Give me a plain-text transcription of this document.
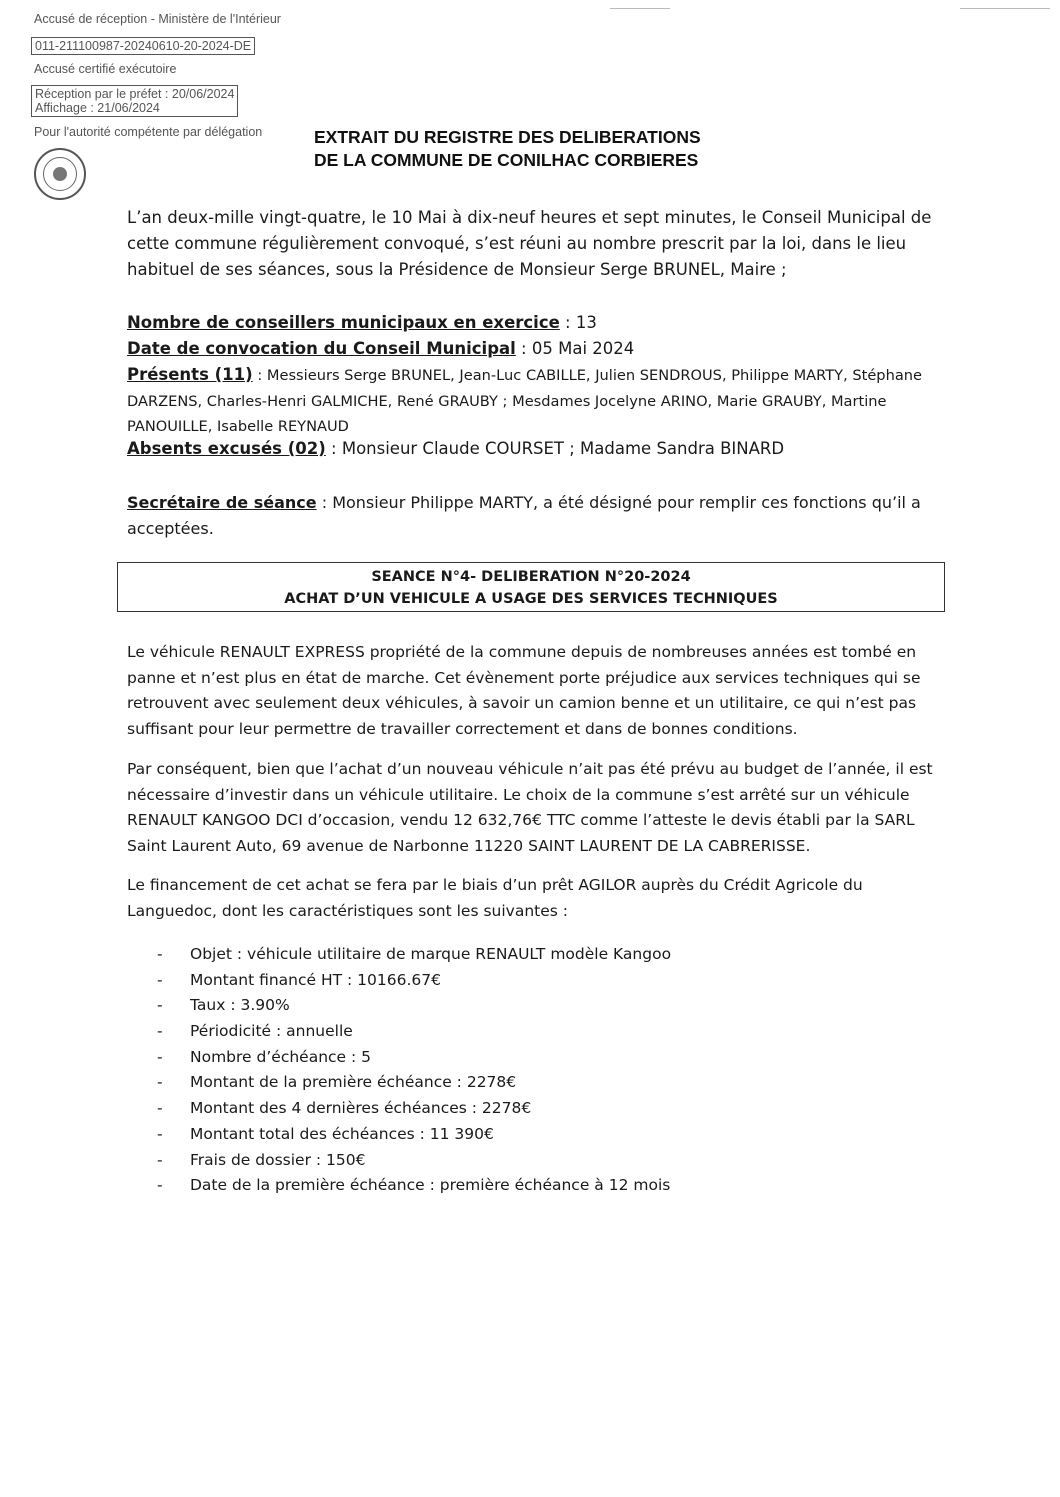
Accusé de réception - Ministère de l'Intérieur
011-211100987-20240610-20-2024-DE
Accusé certifié exécutoire
Réception par le préfet : 20/06/2024
Affichage : 21/06/2024
Pour l'autorité compétente par délégation	EXTRAIT DU REGISTRE DES DELIBERATIONS
DE LA COMMUNE DE CONILHAC CORBIERES
L’an deux-mille vingt-quatre, le 10 Mai à dix-neuf heures et sept minutes, le Conseil Municipal de cette commune régulièrement convoqué, s’est réuni au nombre prescrit par la loi, dans le lieu habituel de ses séances, sous la Présidence de Monsieur Serge BRUNEL, Maire ;
Nombre de conseillers municipaux en exercice : 13
Date de convocation du Conseil Municipal : 05 Mai 2024
Présents (11) : Messieurs Serge BRUNEL, Jean-Luc CABILLE, Julien SENDROUS, Philippe MARTY, Stéphane DARZENS, Charles-Henri GALMICHE, René GRAUBY ; Mesdames Jocelyne ARINO, Marie GRAUBY, Martine PANOUILLE, Isabelle REYNAUD
Absents excusés (02) : Monsieur Claude COURSET ; Madame Sandra BINARD
Secrétaire de séance : Monsieur Philippe MARTY, a été désigné pour remplir ces fonctions qu’il a acceptées.
SEANCE N°4- DELIBERATION N°20-2024
ACHAT D’UN VEHICULE A USAGE DES SERVICES TECHNIQUES
Le véhicule RENAULT EXPRESS propriété de la commune depuis de nombreuses années est tombé en panne et n’est plus en état de marche. Cet évènement porte préjudice aux services techniques qui se retrouvent avec seulement deux véhicules, à savoir un camion benne et un utilitaire, ce qui n’est pas suffisant pour leur permettre de travailler correctement et dans de bonnes conditions.
Par conséquent, bien que l’achat d’un nouveau véhicule n’ait pas été prévu au budget de l’année, il est nécessaire d’investir dans un véhicule utilitaire. Le choix de la commune s’est arrêté sur un véhicule RENAULT KANGOO DCI d’occasion, vendu 12 632,76€ TTC comme l’atteste le devis établi par la SARL Saint Laurent Auto, 69 avenue de Narbonne 11220 SAINT LAURENT DE LA CABRERISSE.
Le financement de cet achat se fera par le biais d’un prêt AGILOR auprès du Crédit Agricole du Languedoc, dont les caractéristiques sont les suivantes :
- Objet : véhicule utilitaire de marque RENAULT modèle Kangoo
- Montant financé HT : 10166.67€
- Taux : 3.90%
- Périodicité : annuelle
- Nombre d’échéance : 5
- Montant de la première échéance : 2278€
- Montant des 4 dernières échéances : 2278€
- Montant total des échéances : 11 390€
- Frais de dossier : 150€
- Date de la première échéance : première échéance à 12 mois
